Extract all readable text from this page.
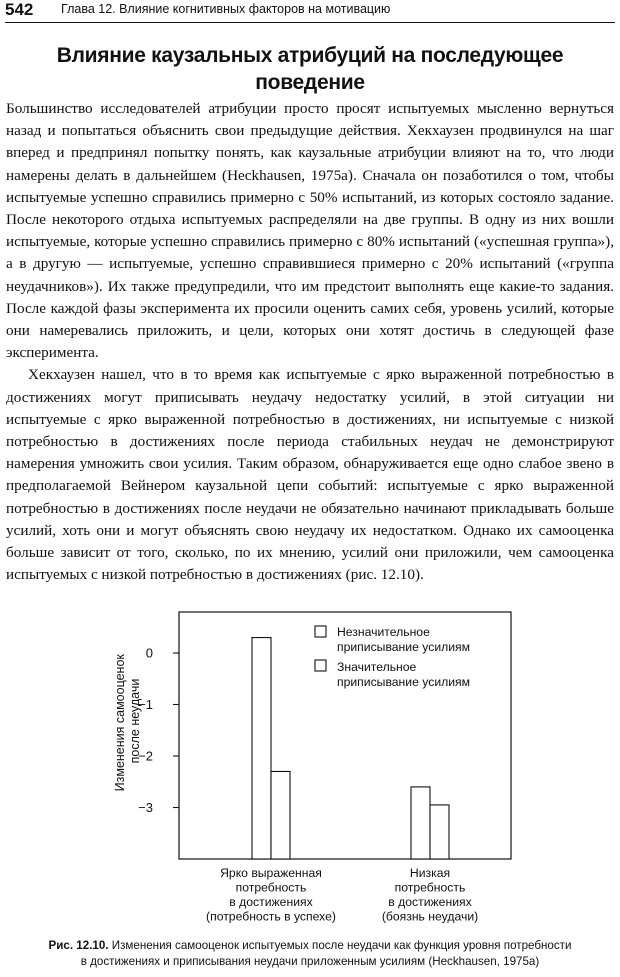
542 Глава 12. Влияние когнитивных факторов на мотивацию
Влияние каузальных атрибуций на последующее
поведение

Большинство исследователей атрибуции просто просят испытуемых мысленно вернуться назад и попытаться объяснить свои предыдущие действия. Хекхаузен продвинулся на шаг вперед и предпринял попытку понять, как каузальные атрибуции влияют на то, что люди намерены делать в дальнейшем (Heckhausen, 1975a). Сначала он позаботился о том, чтобы испытуемые успешно справились примерно с 50% испытаний, из которых состояло задание. После некоторого отдыха испытуемых распределяли на две группы. В одну из них вошли испытуемые, которые успешно справились примерно с 80% испытаний («успешная группа»), а в другую — испытуемые, успешно справившиеся примерно с 20% испытаний («группа неудачников»). Их также предупредили, что им предстоит выполнять еще какие-то задания. После каждой фазы эксперимента их просили оценить самих себя, уровень усилий, которые они намеревались приложить, и цели, которых они хотят достичь в следующей фазе эксперимента.

Хекхаузен нашел, что в то время как испытуемые с ярко выраженной потребностью в достижениях могут приписывать неудачу недостатку усилий, в этой ситуации ни испытуемые с ярко выраженной потребностью в достижениях, ни испытуемые с низкой потребностью в достижениях после периода стабильных неудач не демонстрируют намерения умножить свои усилия. Таким образом, обнаруживается еще одно слабое звено в предполагаемой Вейнером каузальной цепи событий: испытуемые с ярко выраженной потребностью в достижениях после неудачи не обязательно начинают прикладывать больше усилий, хоть они и могут объяснять свою неудачу их недостатком. Однако их самооценка больше зависит от того, сколько, по их мнению, усилий они приложили, чем самооценка испытуемых с низкой потребностью в достижениях (рис. 12.10).

0
−1
−2
−3
Изменения самооценок после неудачи
Незначительное
приписывание усилиям
Значительное
приписывание усилиям
Ярко выраженная
потребность
в достижениях
(потребность в успехе)
Низкая
потребность
в достижениях
(боязнь неудачи)
Рис. 12.10. Изменения самооценок испытуемых после неудачи как функция уровня потребности
в достижениях и приписывания неудачи приложенным усилиям (Heckhausen, 1975a)
